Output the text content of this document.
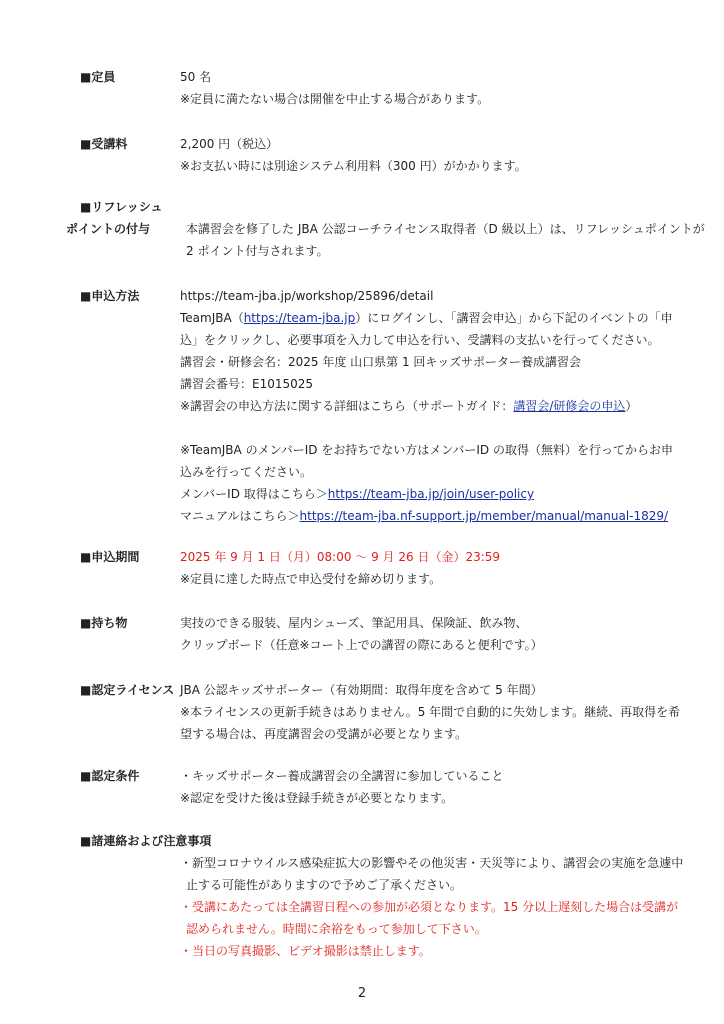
■定員	50 名

※定員に満たない場合は開催を中止する場合があります。

■受講料	2,200 円（税込）

※お支払い時には別途システム利用料（300 円）がかかります。

■リフレッシュ
ポイントの付与	本講習会を修了した JBA 公認コーチライセンス取得者（D 級以上）は、リフレッシュポイントが

2 ポイント付与されます。

■申込方法	https://team-jba.jp/workshop/25896/detail

TeamJBA（https://team-jba.jp）にログインし、「講習会申込」から下記のイベントの「申

込」をクリックし、必要事項を入力して申込を行い、受講料の支払いを行ってください。

講習会・研修会名：2025 年度 山口県第 1 回キッズサポーター養成講習会

講習会番号：E1015025

※講習会の申込方法に関する詳細はこちら（サポートガイド：講習会/研修会の申込）

※TeamJBA のメンバーID をお持ちでない方はメンバーID の取得（無料）を行ってからお申

込みを行ってください。

メンバーID 取得はこちら＞https://team-jba.jp/join/user-policy

マニュアルはこちら＞https://team-jba.nf-support.jp/member/manual/manual-1829/

■申込期間	2025 年 9 月 1 日（月）08:00 ～ 9 月 26 日（金）23:59

※定員に達した時点で申込受付を締め切ります。

■持ち物	実技のできる服装、屋内シューズ、筆記用具、保険証、飲み物、

クリップボード（任意※コート上での講習の際にあると便利です。）

■認定ライセンス JBA 公認キッズサポーター（有効期間：取得年度を含めて 5 年間）

※本ライセンスの更新手続きはありません。5 年間で自動的に失効します。継続、再取得を希

望する場合は、再度講習会の受講が必要となります。

■認定条件	・キッズサポーター養成講習会の全講習に参加していること

※認定を受けた後は登録手続きが必要となります。

■諸連絡および注意事項

・新型コロナウイルス感染症拡大の影響やその他災害・天災等により、講習会の実施を急遽中

止する可能性がありますので予めご了承ください。

・受講にあたっては全講習日程への参加が必須となります。15 分以上遅刻した場合は受講が

認められません。時間に余裕をもって参加して下さい。

・当日の写真撮影、ビデオ撮影は禁止します。

2
